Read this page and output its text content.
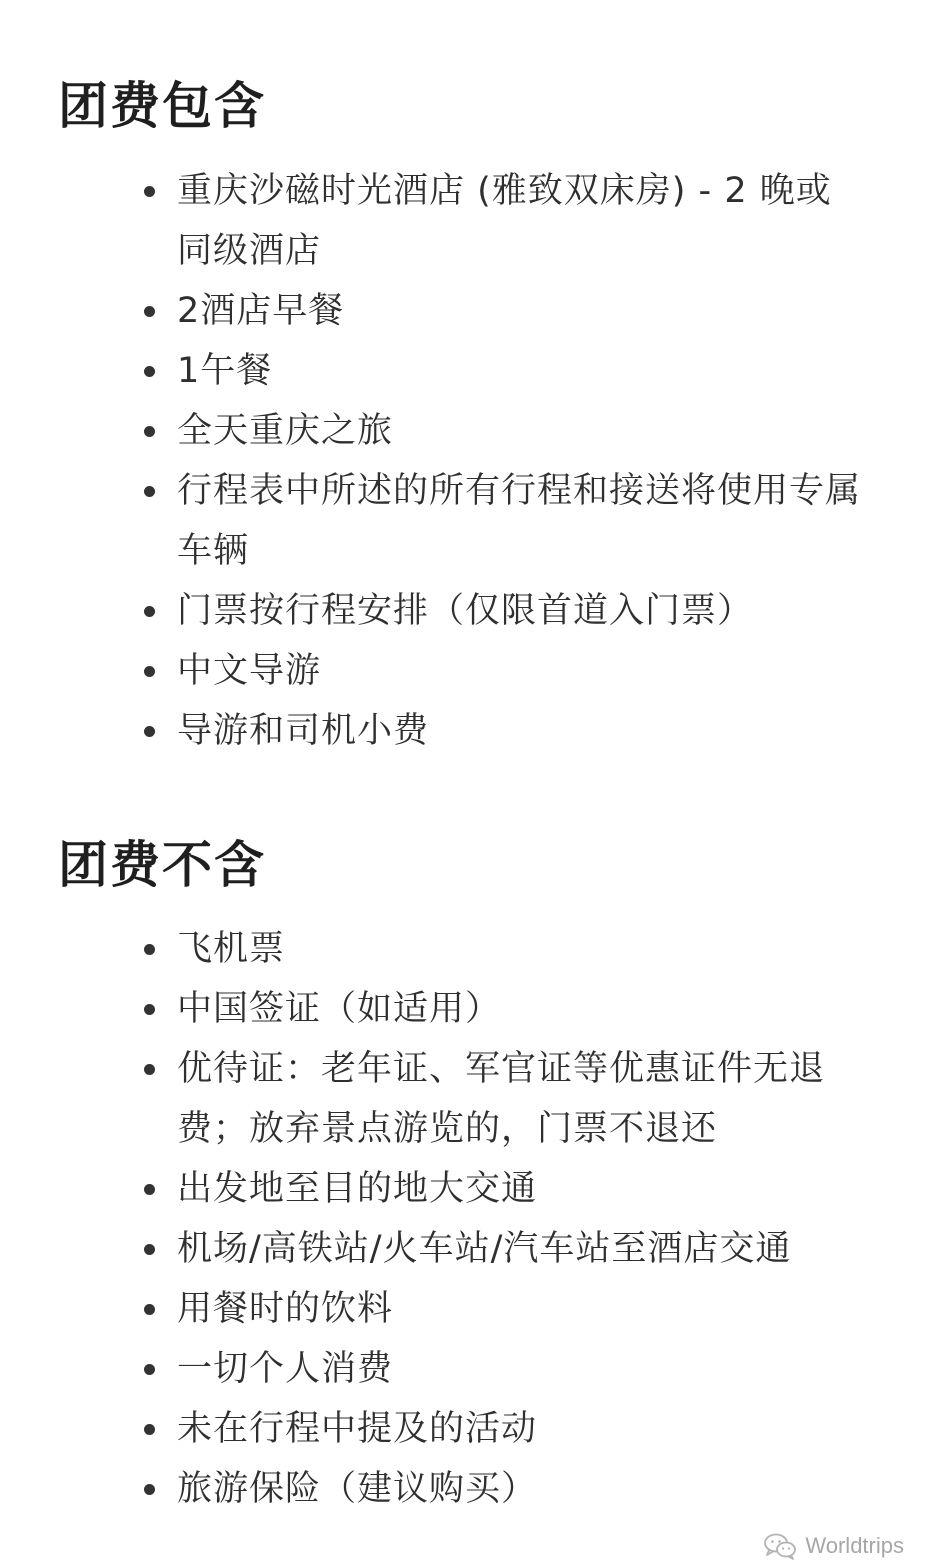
团费包含
重庆沙磁时光酒店 (雅致双床房) - 2 晚或同级酒店
2酒店早餐
1午餐
全天重庆之旅
行程表中所述的所有行程和接送将使用专属车辆
门票按行程安排（仅限首道入门票）
中文导游
导游和司机小费
团费不含
飞机票
中国签证（如适用）
优待证：老年证、军官证等优惠证件无退费；放弃景点游览的，门票不退还
出发地至目的地大交通
机场/高铁站/火车站/汽车站至酒店交通
用餐时的饮料
一切个人消费
未在行程中提及的活动
旅游保险（建议购买）
Worldtrips
